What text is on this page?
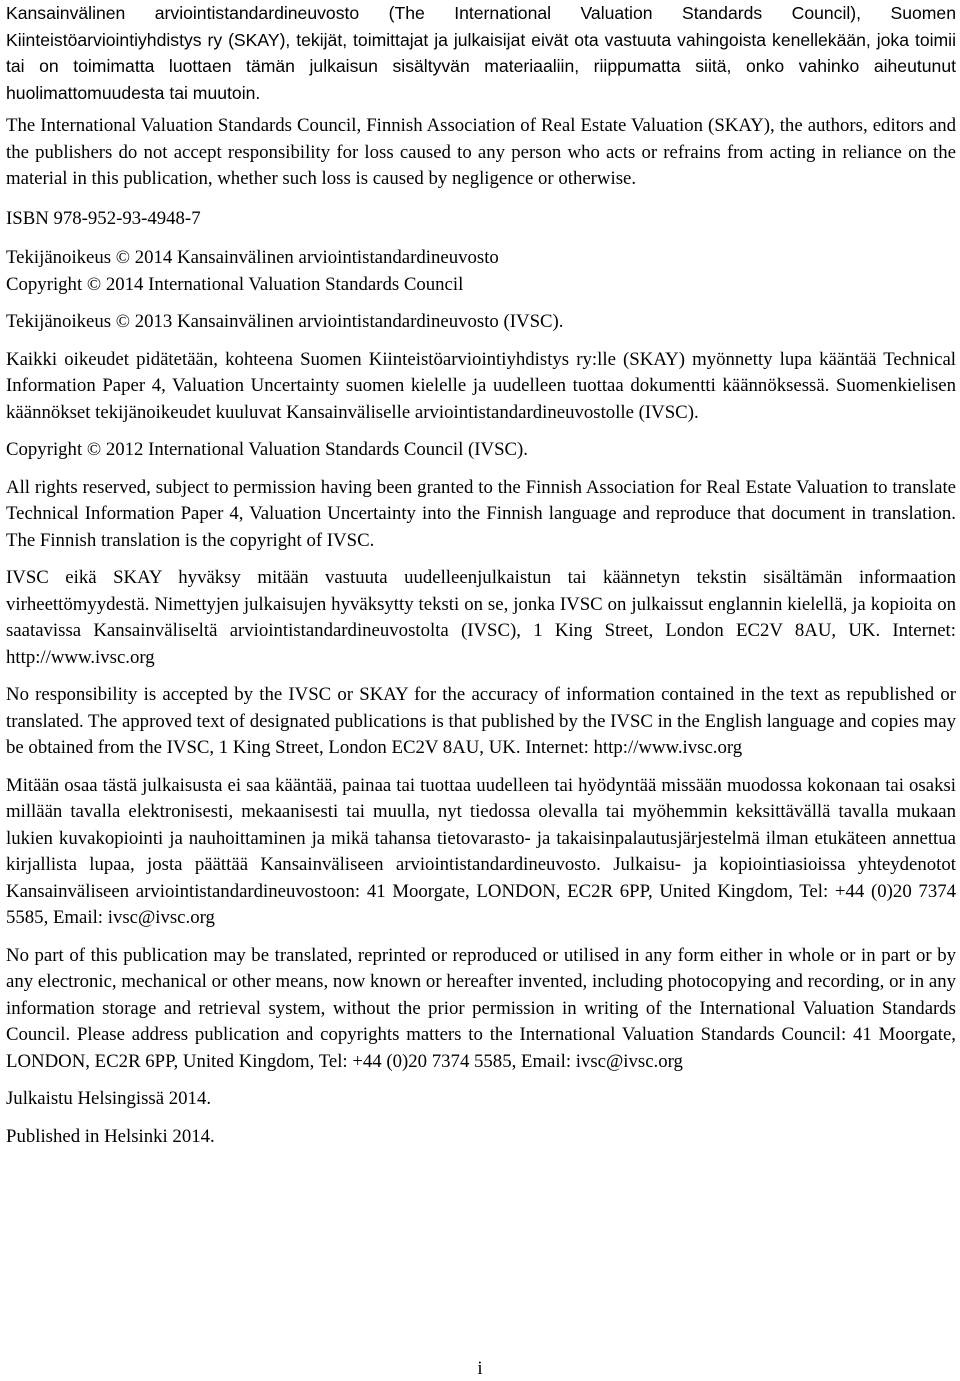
Kansainvälinen arviointistandardineuvosto (The International Valuation Standards Council), Suomen Kiinteistöarviointiyhdistys ry (SKAY), tekijät, toimittajat ja julkaisijat eivät ota vastuuta vahingoista kenellekään, joka toimii tai on toimimatta luottaen tämän julkaisun sisältyvän materiaaliin, riippumatta siitä, onko vahinko aiheutunut huolimattomuudesta tai muutoin.

The International Valuation Standards Council, Finnish Association of Real Estate Valuation (SKAY), the authors, editors and the publishers do not accept responsibility for loss caused to any person who acts or refrains from acting in reliance on the material in this publication, whether such loss is caused by negligence or otherwise.

ISBN 978-952-93-4948-7

Tekijänoikeus © 2014 Kansainvälinen arviointistandardineuvosto

Copyright © 2014 International Valuation Standards Council

Tekijänoikeus © 2013 Kansainvälinen arviointistandardineuvosto (IVSC).

Kaikki oikeudet pidätetään, kohteena Suomen Kiinteistöarviointiyhdistys ry:lle (SKAY) myönnetty lupa kääntää Technical Information Paper 4, Valuation Uncertainty suomen kielelle ja uudelleen tuottaa dokumentti käännöksessä. Suomenkielisen käännökset tekijänoikeudet kuuluvat Kansainväliselle arviointistandardineuvostolle (IVSC).

Copyright © 2012 International Valuation Standards Council (IVSC).

All rights reserved, subject to permission having been granted to the Finnish Association for Real Estate Valuation to translate Technical Information Paper 4, Valuation Uncertainty into the Finnish language and reproduce that document in translation. The Finnish translation is the copyright of IVSC.

IVSC eikä SKAY hyväksy mitään vastuuta uudelleenjulkaistun tai käännetyn tekstin sisältämän informaation virheettömyydestä. Nimettyjen julkaisujen hyväksytty teksti on se, jonka IVSC on julkaissut englannin kielellä, ja kopioita on saatavissa Kansainväliseltä arviointistandardineuvostolta (IVSC), 1 King Street, London EC2V 8AU, UK. Internet: http://www.ivsc.org

No responsibility is accepted by the IVSC or SKAY for the accuracy of information contained in the text as republished or translated. The approved text of designated publications is that published by the IVSC in the English language and copies may be obtained from the IVSC, 1 King Street, London EC2V 8AU, UK. Internet: http://www.ivsc.org

Mitään osaa tästä julkaisusta ei saa kääntää, painaa tai tuottaa uudelleen tai hyödyntää missään muodossa kokonaan tai osaksi millään tavalla elektronisesti, mekaanisesti tai muulla, nyt tiedossa olevalla tai myöhemmin keksittävällä tavalla mukaan lukien kuvakopiointi ja nauhoittaminen ja mikä tahansa tietovarasto- ja takaisinpalautusjärjestelmä ilman etukäteen annettua kirjallista lupaa, josta päättää Kansainväliseen arviointistandardineuvosto. Julkaisu- ja kopiointiasioissa yhteydenotot Kansainväliseen arviointistandardineuvostoon: 41 Moorgate, LONDON, EC2R 6PP, United Kingdom, Tel: +44 (0)20 7374 5585, Email: ivsc@ivsc.org

No part of this publication may be translated, reprinted or reproduced or utilised in any form either in whole or in part or by any electronic, mechanical or other means, now known or hereafter invented, including photocopying and recording, or in any information storage and retrieval system, without the prior permission in writing of the International Valuation Standards Council. Please address publication and copyrights matters to the International Valuation Standards Council: 41 Moorgate, LONDON, EC2R 6PP, United Kingdom, Tel: +44 (0)20 7374 5585, Email: ivsc@ivsc.org

Julkaistu Helsingissä 2014.

Published in Helsinki 2014.

i
